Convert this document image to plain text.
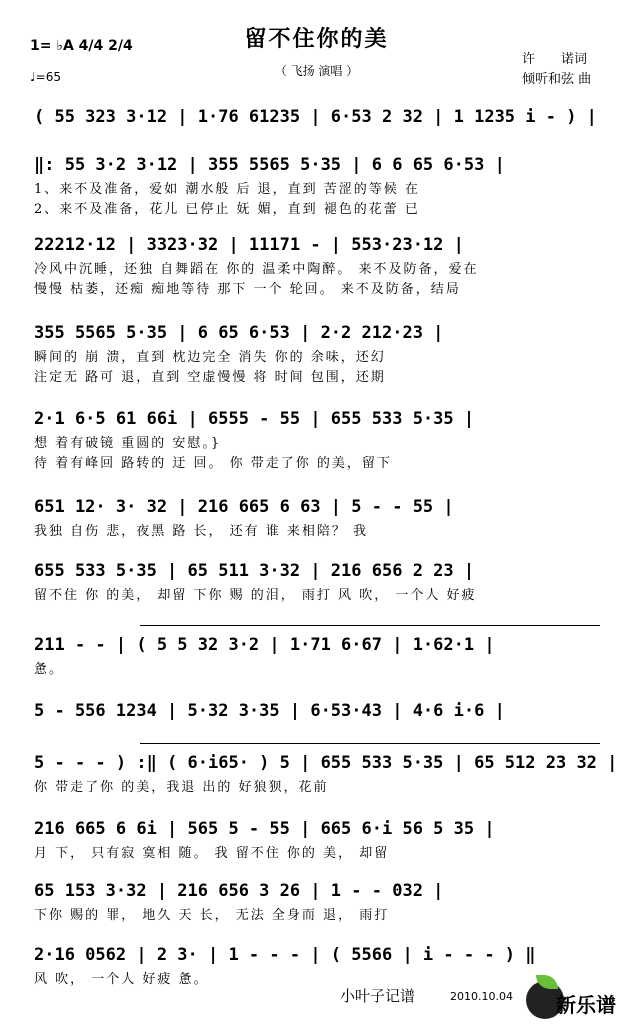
留不住你的美
（ 飞扬 演唱 ）
1= ♭A 4/4 2/4
♩=65
许　　诺词
倾听和弦 曲
( 55 323 3·12 | 1·76 61235 | 6·53 2 32 | 1 1235 i - ) |
‖: 55 3·2 3·12 | 355 5565 5·35 | 6 6 65 6·53 |
1、来不及准备，爱如 潮水般 后 退，直到 苦涩的等候 在
2、来不及准备，花儿 已停止 妩 媚，直到 褪色的花蕾 已
22212·12 | 3323·32 | 11171 - | 553·23·12 |
冷风中沉睡，还独 自舞蹈在 你的 温柔中陶醉。 来不及防备，爱在
慢慢 枯萎，还痴 痴地等待 那下 一个 轮回。 来不及防备，结局
355 5565 5·35 | 6 65 6·53 | 2·2 212·23 |
瞬间的 崩 溃，直到 枕边完全 消失 你的 余味，还幻
注定无 路可 退，直到 空虚慢慢 将 时间 包围，还期
2·1 6·5 61 66i | 6555 - 55 | 655 533 5·35 |
想 着有破镜 重圆的 安慰。}
待 着有峰回 路转的 迂 回。 你 带走了你 的美，留下
651 12· 3· 32 | 216 665 6 63 | 5 - - 55 |
我独 自伤 悲，夜黑 路 长， 还有 谁 来相陪？ 我
655 533 5·35 | 65 511 3·32 | 216 656 2 23 |
留不住 你 的美， 却留 下你 赐 的泪， 雨打 风 吹， 一个人 好疲
211 - - | ( 5 5 32 3·2 | 1·71 6·67 | 1·62·1 |
惫。
5 - 556 1234 | 5·32 3·35 | 6·53·43 | 4·6 i·6 |
5 - - - ) :‖ ( 6·i65· ) 5 | 655 533 5·35 | 65 512 23 32 |
你 带走了你 的美，我退 出的 好狼狈，花前
216 665 6 6i | 565 5 - 55 | 665 6·i 56 5 35 |
月 下， 只有寂 寞相 随。 我 留不住 你的 美， 却留
65 153 3·32 | 216 656 3 26 | 1 - - 032 |
下你 赐的 罪， 地久 天 长， 无法 全身而 退， 雨打
2·16 0562 | 2 3· | 1 - - - | ( 5566 | i - - - ) ‖
风 吹， 一个人 好疲 惫。
小叶子记谱	2010.10.04 新乐谱
